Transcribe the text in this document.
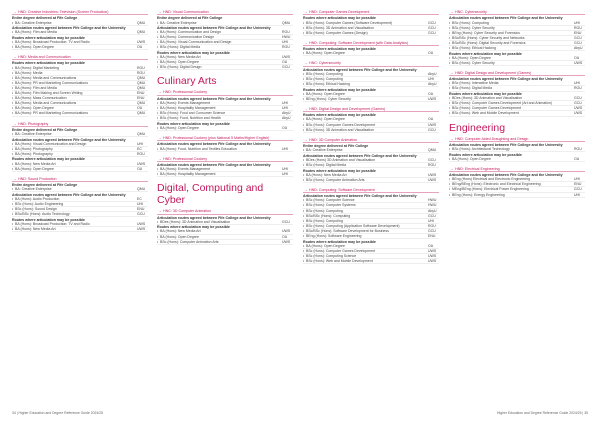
→ HND: Creative Industries: Television (Screen Production)
Entire degree delivered at Fife College
• BA: Creative Enterprise	QMU
Articulation routes agreed between Fife College and the University
• BA (Hons): Film and Media	QMU
Routes where articulation may be possible
• BA (Hons): Broadcast Production: TV and Radio	UWS
• BA (Hons): Open Degree	OU
→ HND: Media and Communication
Routes where articulation may be possible
• BA (Hons): Digital Marketing	RGU
• BA (Hons): Media	RGU
• BA (Hons): Media and Communications	QMU
• BA (Hons): PR and Marketing Communications	QMU
• BA (Hons): Film and Media	QMU
• BA (Hons): Film Making and Screen Writing	ENU
• BA (Hons): Mass Communication	ENU
• BA (Hons): Media and Communications	QMU
• BA (Hons): Open Degree	OU
• BA (Hons): PR and Marketing Communications	QMU
→ HND: Photography
Entire degree delivered at Fife College
• BA: Creative Enterprise	QMU
Articulation routes agreed between Fife College and the University
• BA (Hons): Visual Communication and Design	UHI
• BA (Hons): Photography	EC
• BA (Hons): Photography	RGU
Routes where articulation may be possible
• BA (Hons): New Media Art	UWS
• BA (Hons): Open Degree	OU
→ HND: Sound Production
Entire degree delivered at Fife College
• BA: Creative Enterprise	QMU
Articulation routes agreed between Fife College and the University
• BA (Hons): Audio Production	EC
• BSc (Hons): Audio Engineering	UHI
• BSc (Hons): Sound Design	ENU
• BSc/BSc (Hons): Audio Technology	GCU
Routes where articulation may be possible
• BA (Hons): Broadcast Production: TV and Radio	UWS
• BA (Hons): New Media Art	UWS
→ HND: Visual Communication
Entire degree delivered at Fife College
• BA: Creative Enterprise	QMU
Articulation routes agreed between Fife College and the University
• BA (Hons): Communication and Design	RGU
• BA (Hons): Communication Design	HWU
• BA (Hons): Visual Communication and Design	UHI
• BSc (Hons): Digital Media	RGU
Routes where articulation may be possible
• BA (Hons): New Media Art	UWS
• BA (Hons): Open Degree	OU
• BSc (Hons): Digital Design	GCU
Culinary Arts
→ HND: Professional Cookery
Articulation routes agreed between Fife College and the University
• BA (Hons): Events Management	UHI
• BA (Hons): Hospitality Management	UHI
• BSc (Hons): Food and Consumer Science	AbyU
• BSc (Hons): Food, Nutrition and Health	AbyU
Routes where articulation may be possible
• BA (Hons): Open Degree	OU
→ HND: Professional Cookery (plus National 5 Maths/Higher English)
Articulation routes agreed between Fife College and the University
• BA (Hons): Food, Nutrition and Textiles Education	UHI
→ HND: Professional Cookery
Articulation routes agreed between Fife College and the University
• BA (Hons): Events Management	UHI
• BA (Hons): Hospitality Management	UHI
Digital, Computing and Cyber
→ HNC: 3D Computer Animation
Articulation routes agreed between Fife College and the University
• BDes (Hons): 3D Animation and Visualisation	GCU
Routes where articulation may be possible
• BA (Hons): New Media Art	UWS
• BA (Hons): Open Degree	OU
• BSc (Hons): Computer Animation Arts	UWS
→ HND: Computer Games Development
Routes where articulation may be possible
• BSc (Hons): Computer Games (Software Development)	GCU
• BSc (Hons): 3D Animation and Visualisation	GCU
• BSc (Hons): Computer Games (Design)	GCU
→ HND: Computing: Software Development (with Data Analytics)
Routes where articulation may be possible
• BA (Hons): Open Degree	OU
→ HNC: Cybersecurity
Articulation routes agreed between Fife College and the University
• BSc (Hons): Computing	AbyU
• BSc (Hons): Computing	UHI
• BSc (Hons): Ethical Hacking	AbyU
Routes where articulation may be possible
• BA (Hons): Open Degree	OU
• BEng (Hons): Cyber Security	UWS
→ HND: Digital Design and Development (Games)
Routes where articulation may be possible
• BA (Hons): Open Degree	OU
• BSc (Hons): Computer Games Development	UWS
• BSc (Hons): 3D Animation and Visualisation	GCU
→ HND: 3D Computer Animation
Entire degree delivered at Fife College
• BA: Creative Enterprise	QMU
Articulation routes agreed between Fife College and the University
• BDes (Hons) 3D Animation and Visualisation	GCU
• BSc (Hons): Digital Media	RGU
Routes where articulation may be possible
• BA (Hons): New Media Art	UWS
• BSc (Hons): Computer Animation Arts	UWS
→ HND: Computing: Software Development
Articulation routes agreed between Fife College and the University
• BSc (Hons): Computer Science	HWU
• BSc (Hons): Computer Systems	HWU
• BSc (Hons): Computing	AbyU
• BSc/BSc (Hons): Computing	GCU
• BSc (Hons): Computing	UHI
• BSc (Hons): Computing (Application Software Development)	RGU
• BSc/BSc (Hons): Software Development for Business	GCU
• BEng (Hons): Software Engineering	ENU
Routes where articulation may be possible
• BA (Hons): Open Degree	OU
• BSc (Hons): Computer Games Development	UWS
• BSc (Hons): Computing Science	UWS
• BSc (Hons): Web and Mobile Development	UWS
→ HNC: Cybersecurity
Articulation routes agreed between Fife College and the University
• BSc (Hons): Computing	UHI
• BSc (Hons): Cyber Security	RGU
• BEng (Hons): Cyber Security and Forensics	ENU
• BSc/BSc (Hons): Cyber Security and Networks	GCU
• BSc/BSc (Hons): Digital Security and Forensics	GCU
• BSc (Hons): Ethical Hacking	AbyU
Routes where articulation may be possible
• BA (Hons): Open Degree	OU
• BSc (Hons): Cyber Security	UWS
→ HND: Digital Design and Development (Games)
Articulation routes agreed between Fife College and the University
• BSc (Hons): Interactive Media	UHI
• BSc (Hons): Digital Media	RGU
Routes where articulation may be possible
• BDes (Hons): 3D Animation and Visualisation	GCU
• BSc (Hons): Computer Games Development (Art and Animation)	GCU
• BSc (Hons): Computer Games Development	UWS
• BSc (Hons): Web and Mobile Development	UWS
Engineering
→ HND: Computer Aided Draughting and Design
Articulation routes agreed between Fife College and the University
• BSc (Hons): Architectural Technology	RGU
Routes where articulation may be possible
• BA (Hons): Open Degree	OU
→ HND: Electrical Engineering
Articulation routes agreed between Fife College and the University
• BEng (Hons) Electrical and Electronic Engineering	UHI
• BEng/BEng (Hons): Electronic and Electrical Engineering	ENU
• MEng/BEng (Hons): Electrical Power Engineering	GCU
• BEng (Hons): Energy Engineering	UHI
34 | Higher Education and Degree Reference Guide 2024/25	Higher Education and Degree Reference Guide 2024/25 | 35
